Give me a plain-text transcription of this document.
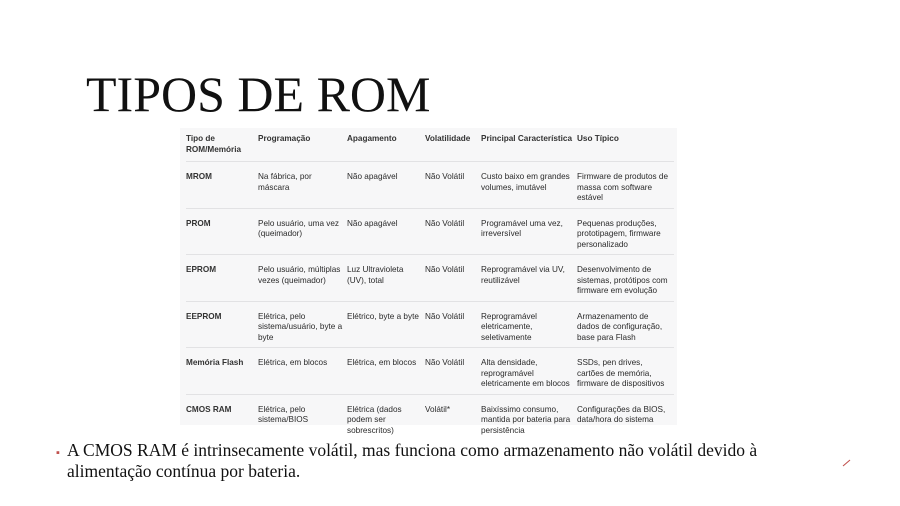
TIPOS DE ROM
Tipo de ROM/Memória	Programação	Apagamento	Volatilidade	Principal Característica	Uso Típico
MROM	Na fábrica, por máscara	Não apagável	Não Volátil	Custo baixo em grandes volumes, imutável	Firmware de produtos de massa com software estável
PROM	Pelo usuário, uma vez (queimador)	Não apagável	Não Volátil	Programável uma vez, irreversível	Pequenas produções, prototipagem, firmware personalizado
EPROM	Pelo usuário, múltiplas vezes (queimador)	Luz Ultravioleta (UV), total	Não Volátil	Reprogramável via UV, reutilizável	Desenvolvimento de sistemas, protótipos com firmware em evolução
EEPROM	Elétrica, pelo sistema/usuário, byte a byte	Elétrico, byte a byte	Não Volátil	Reprogramável eletricamente, seletivamente	Armazenamento de dados de configuração, base para Flash
Memória Flash	Elétrica, em blocos	Elétrica, em blocos	Não Volátil	Alta densidade, reprogramável eletricamente em blocos	SSDs, pen drives, cartões de memória, firmware de dispositivos
CMOS RAM	Elétrica, pelo sistema/BIOS	Elétrica (dados podem ser sobrescritos)	Volátil*	Baixíssimo consumo, mantida por bateria para persistência	Configurações da BIOS, data/hora do sistema
▪ A CMOS RAM é intrinsecamente volátil, mas funciona como armazenamento não volátil devido à alimentação contínua por bateria.
